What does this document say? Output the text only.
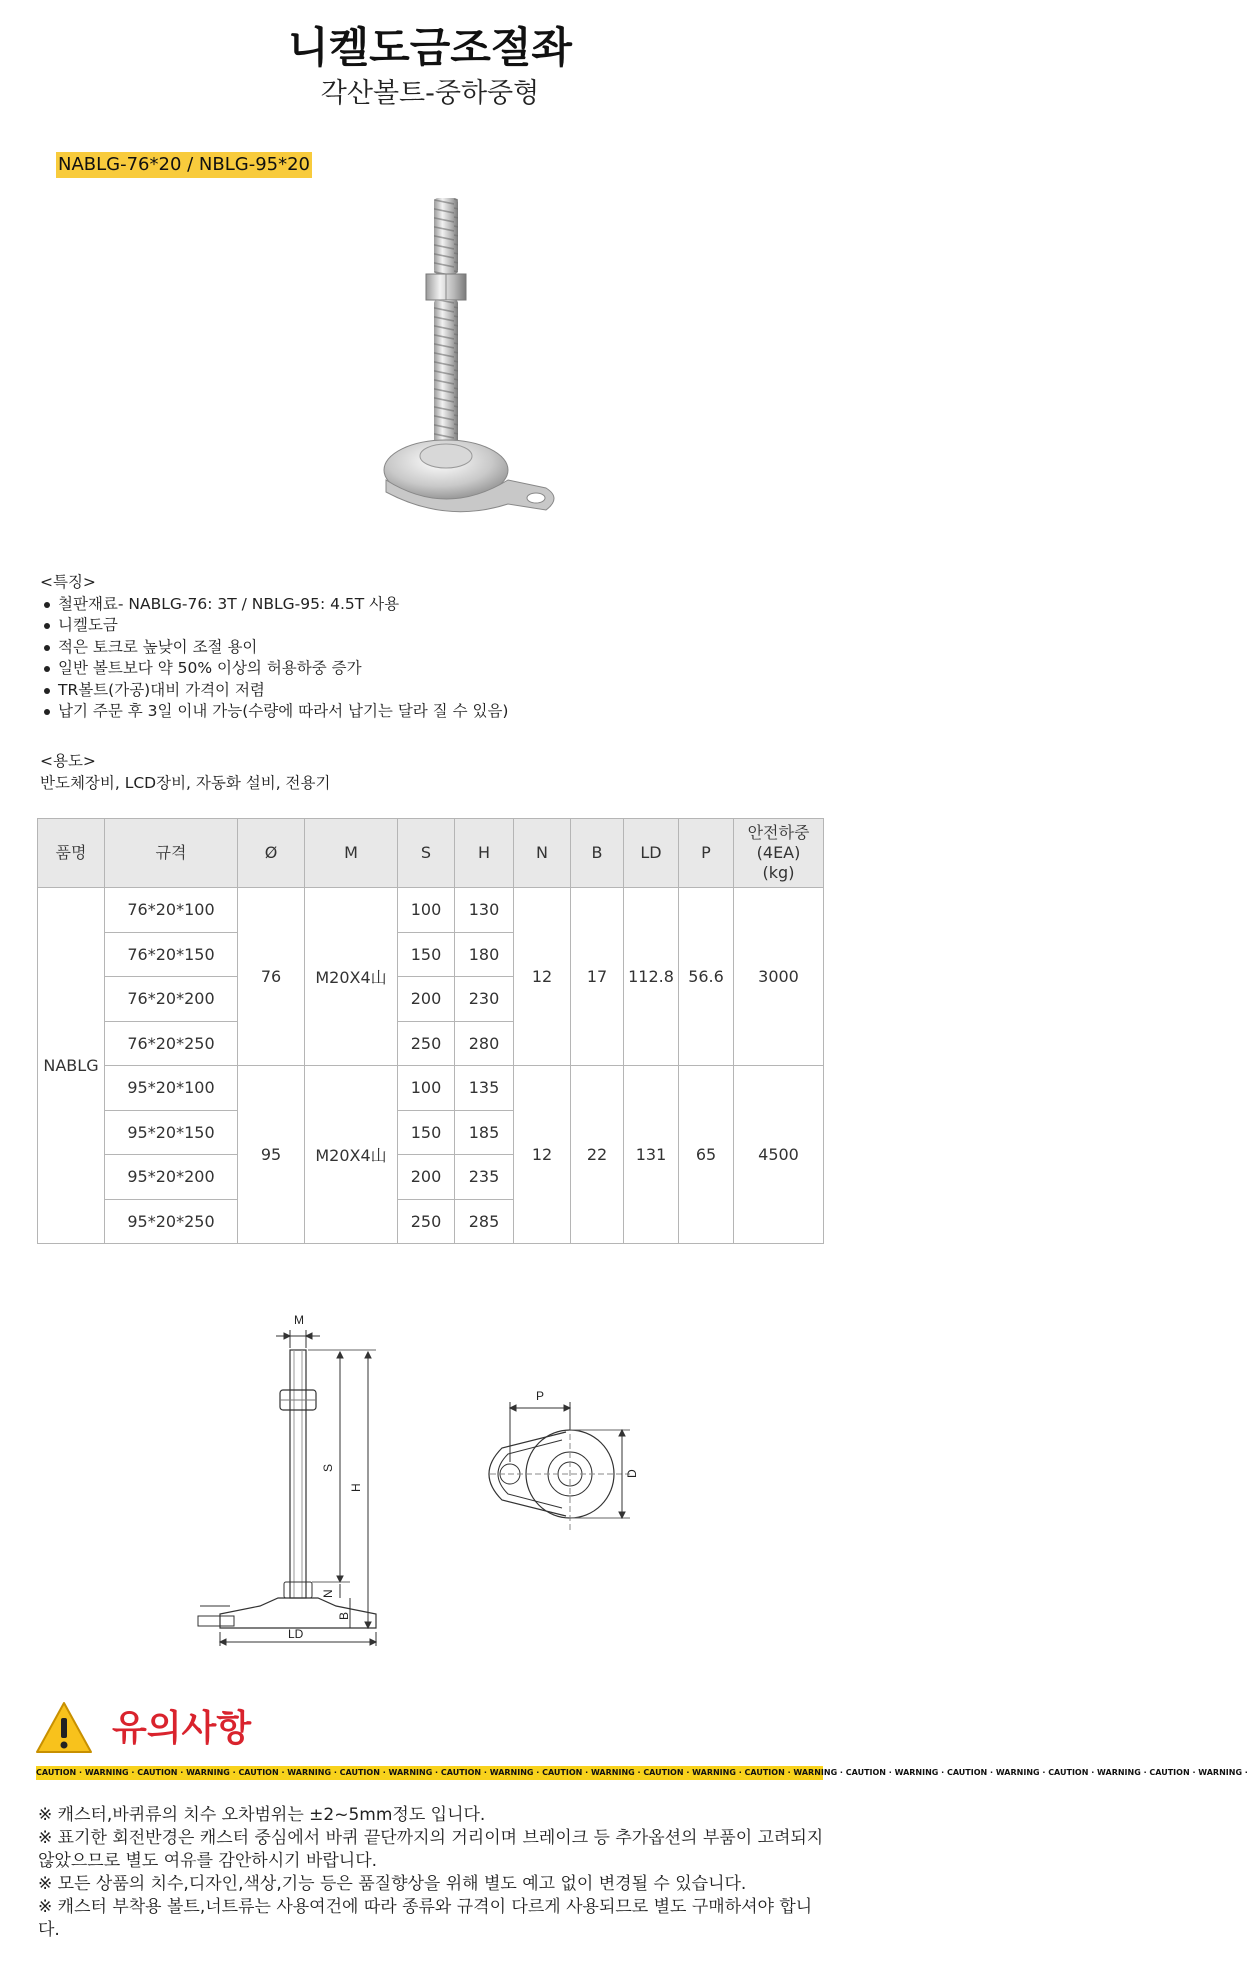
니켈도금조절좌
각산볼트-중하중형
NABLG-76*20 / NBLG-95*20
<특징>
철판재료- NABLG-76: 3T / NBLG-95: 4.5T 사용
니켈도금
적은 토크로 높낮이 조절 용이
일반 볼트보다 약 50% 이상의 허용하중 증가
TR볼트(가공)대비 가격이 저렴
납기 주문 후 3일 이내 가능(수량에 따라서 납기는 달라 질 수 있음)
<용도>
반도체장비, LCD장비, 자동화 설비, 전용기
품명	규격	Ø	M	S	H	N	B	LD	P	안전하중
(4EA)
(kg)
NABLG	76*20*100	76	M20X4山	100	130	12	17	112.8	56.6	3000
	76*20*150			150	180					
	76*20*200			200	230					
	76*20*250			250	280					
	95*20*100	95	M20X4山	100	135	12	22	131	65	4500
	95*20*150			150	185					
	95*20*200			200	235					
	95*20*250			250	285					
M
S
H
N
B
LD
P
D
유의사항
CAUTION · WARNING · CAUTION · WARNING · CAUTION · WARNING · CAUTION · WARNING · CAUTION · WARNING · CAUTION · WARNING · CAUTION · WARNING · CAUTION · WARNING · CAUTION · WARNING · CAUTION · WARNING · CAUTION · WARNING · CAUTION · WARNING ·

※ 캐스터,바퀴류의 치수 오차범위는 ±2~5mm정도 입니다.

※ 표기한 회전반경은 캐스터 중심에서 바퀴 끝단까지의 거리이며 브레이크 등 추가옵션의 부품이 고려되지 않았으므로 별도 여유를 감안하시기 바랍니다.

※ 모든 상품의 치수,디자인,색상,기능 등은 품질향상을 위해 별도 예고 없이 변경될 수 있습니다.

※ 캐스터 부착용 볼트,너트류는 사용여건에 따라 종류와 규격이 다르게 사용되므로 별도 구매하셔야 합니다.
